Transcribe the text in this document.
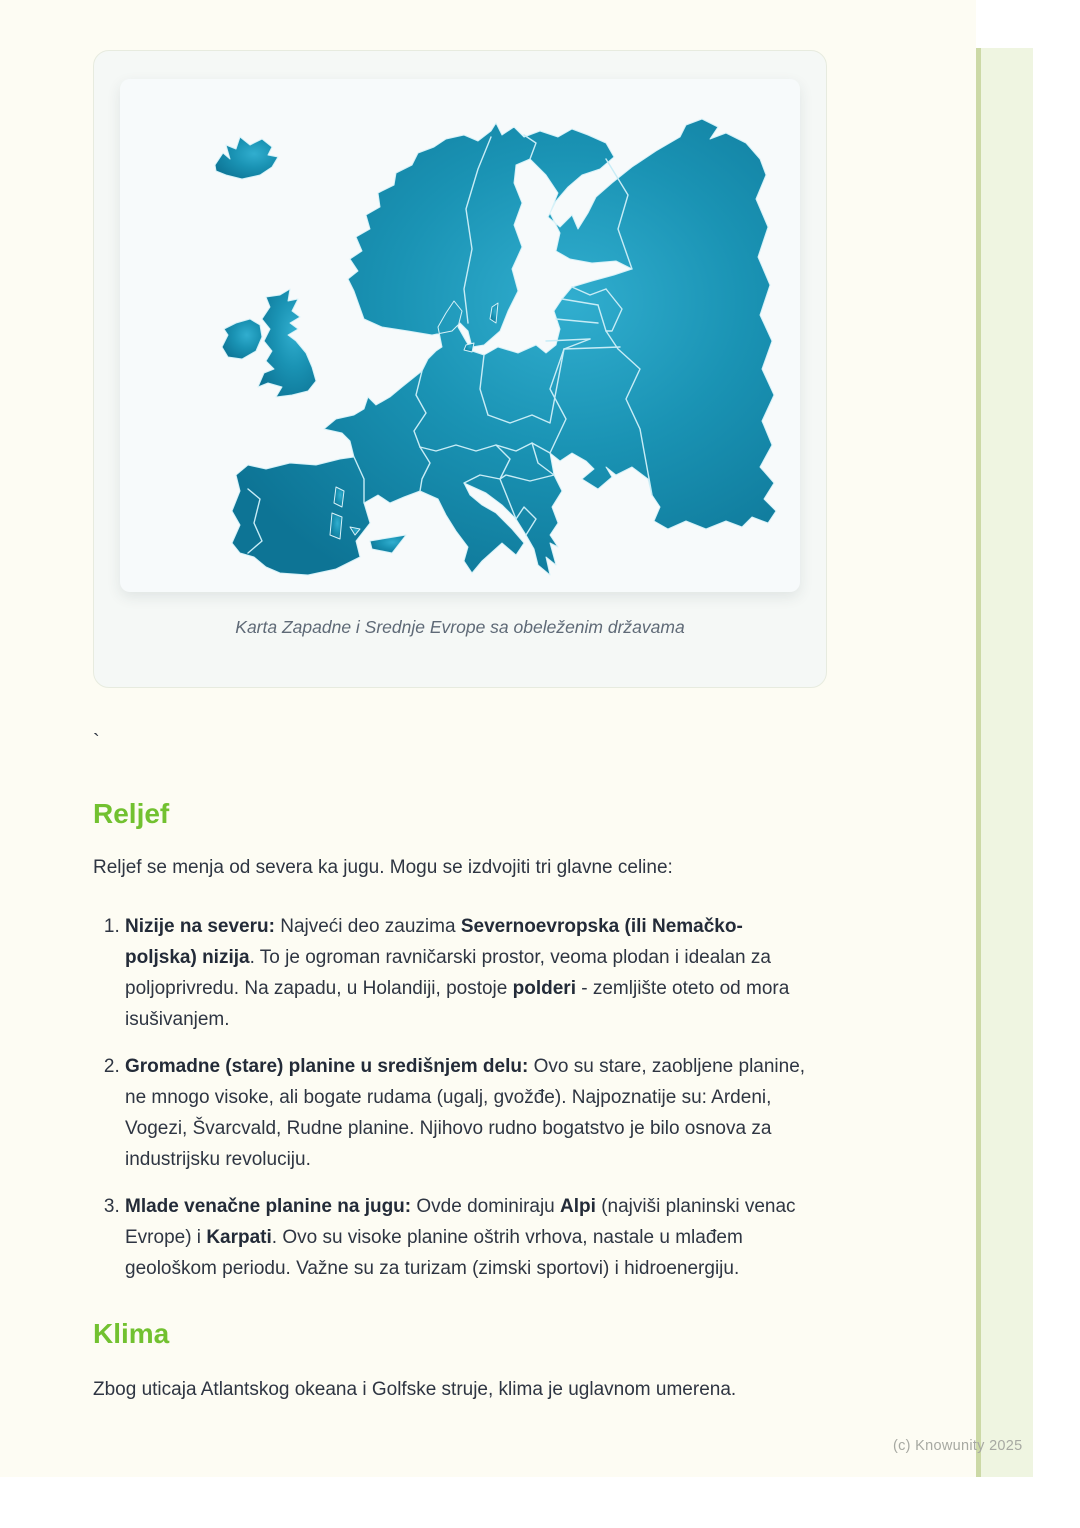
Karta Zapadne i Srednje Evrope sa obeleženim državama
`
Reljef

Reljef se menja od severa ka jugu. Mogu se izdvojiti tri glavne celine:

1. Nizije na severu: Najveći deo zauzima Severnoevropska (ili Nemačko-poljska) nizija. To je ogroman ravničarski prostor, veoma plodan i idealan za poljoprivredu. Na zapadu, u Holandiji, postoje polderi - zemljište oteto od mora isušivanjem.
2. Gromadne (stare) planine u središnjem delu: Ovo su stare, zaobljene planine, ne mnogo visoke, ali bogate rudama (ugalj, gvožđe). Najpoznatije su: Ardeni, Vogezi, Švarcvald, Rudne planine. Njihovo rudno bogatstvo je bilo osnova za industrijsku revoluciju.
3. Mlade venačne planine na jugu: Ovde dominiraju Alpi (najviši planinski venac Evrope) i Karpati. Ovo su visoke planine oštrih vrhova, nastale u mlađem geološkom periodu. Važne su za turizam (zimski sportovi) i hidroenergiju.
Klima

Zbog uticaja Atlantskog okeana i Golfske struje, klima je uglavnom umerena.

(c) Knowunity 2025
